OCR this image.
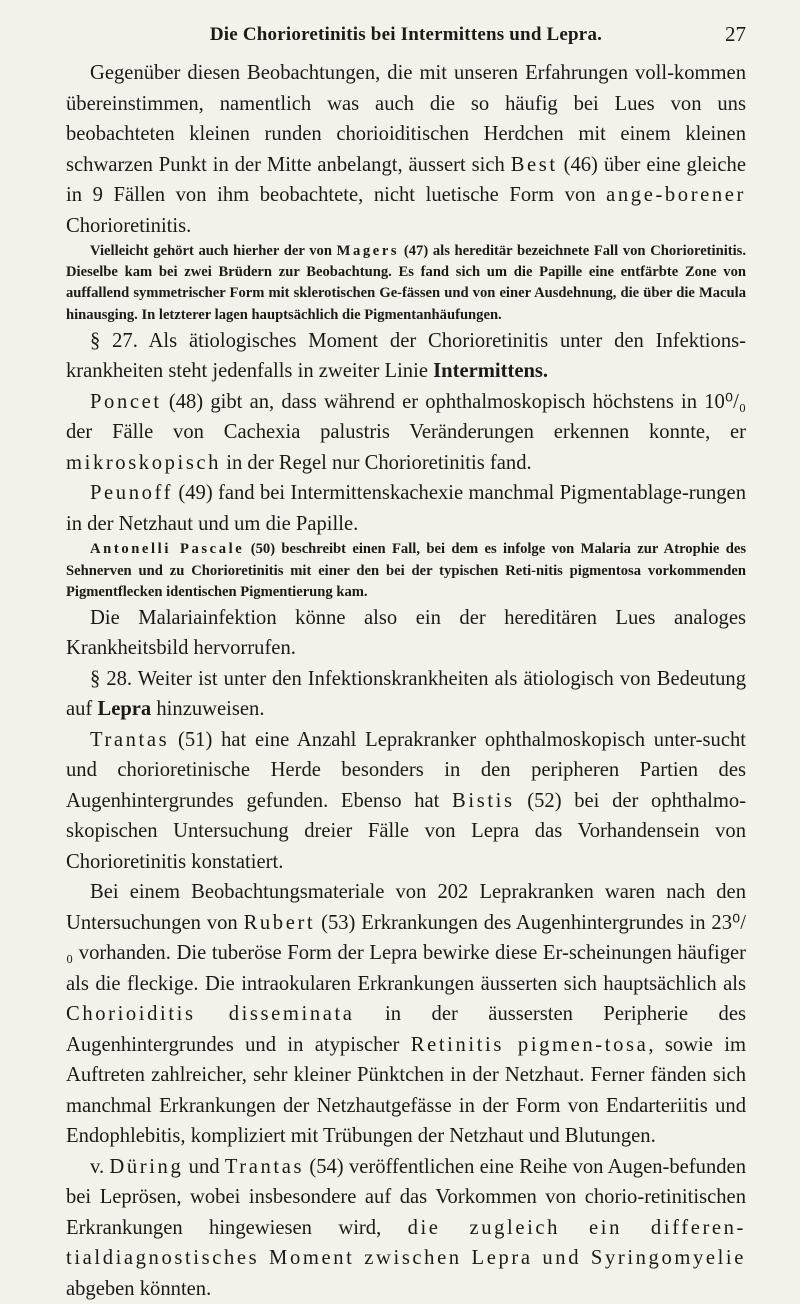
Die Chorioretinitis bei Intermittens und Lepra.	27

Gegenüber diesen Beobachtungen, die mit unseren Erfahrungen voll-kommen übereinstimmen, namentlich was auch die so häufig bei Lues von uns beobachteten kleinen runden chorioiditischen Herdchen mit einem kleinen schwarzen Punkt in der Mitte anbelangt, äussert sich Best (46) über eine gleiche in 9 Fällen von ihm beobachtete, nicht luetische Form von ange-borener Chorioretinitis.

Vielleicht gehört auch hierher der von Magers (47) als hereditär bezeichnete Fall von Chorioretinitis. Dieselbe kam bei zwei Brüdern zur Beobachtung. Es fand sich um die Papille eine entfärbte Zone von auffallend symmetrischer Form mit sklerotischen Ge-fässen und von einer Ausdehnung, die über die Macula hinausging. In letzterer lagen hauptsächlich die Pigmentanhäufungen.

§ 27. Als ätiologisches Moment der Chorioretinitis unter den Infektions-krankheiten steht jedenfalls in zweiter Linie Intermittens.

Poncet (48) gibt an, dass während er ophthalmoskopisch höchstens in 10⁰/₀ der Fälle von Cachexia palustris Veränderungen erkennen konnte, er mikroskopisch in der Regel nur Chorioretinitis fand.

Peunoff (49) fand bei Intermittenskachexie manchmal Pigmentablage-rungen in der Netzhaut und um die Papille.

Antonelli Pascale (50) beschreibt einen Fall, bei dem es infolge von Malaria zur Atrophie des Sehnerven und zu Chorioretinitis mit einer den bei der typischen Reti-nitis pigmentosa vorkommenden Pigmentflecken identischen Pigmentierung kam.

Die Malariainfektion könne also ein der hereditären Lues analoges Krankheitsbild hervorrufen.

§ 28. Weiter ist unter den Infektionskrankheiten als ätiologisch von Bedeutung auf Lepra hinzuweisen.

Trantas (51) hat eine Anzahl Leprakranker ophthalmoskopisch unter-sucht und chorioretinische Herde besonders in den peripheren Partien des Augenhintergrundes gefunden. Ebenso hat Bistis (52) bei der ophthalmo-skopischen Untersuchung dreier Fälle von Lepra das Vorhandensein von Chorioretinitis konstatiert.

Bei einem Beobachtungsmateriale von 202 Leprakranken waren nach den Untersuchungen von Rubert (53) Erkrankungen des Augenhintergrundes in 23⁰/₀ vorhanden. Die tuberöse Form der Lepra bewirke diese Er-scheinungen häufiger als die fleckige. Die intraokularen Erkrankungen äusserten sich hauptsächlich als Chorioiditis disseminata in der äussersten Peripherie des Augenhintergrundes und in atypischer Retinitis pigmen-tosa, sowie im Auftreten zahlreicher, sehr kleiner Pünktchen in der Netzhaut. Ferner fänden sich manchmal Erkrankungen der Netzhautgefässe in der Form von Endarteriitis und Endophlebitis, kompliziert mit Trübungen der Netzhaut und Blutungen.

v. Düring und Trantas (54) veröffentlichen eine Reihe von Augen-befunden bei Leprösen, wobei insbesondere auf das Vorkommen von chorio-retinitischen Erkrankungen hingewiesen wird, die zugleich ein differen-tialdiagnostisches Moment zwischen Lepra und Syringomyelie abgeben könnten.
